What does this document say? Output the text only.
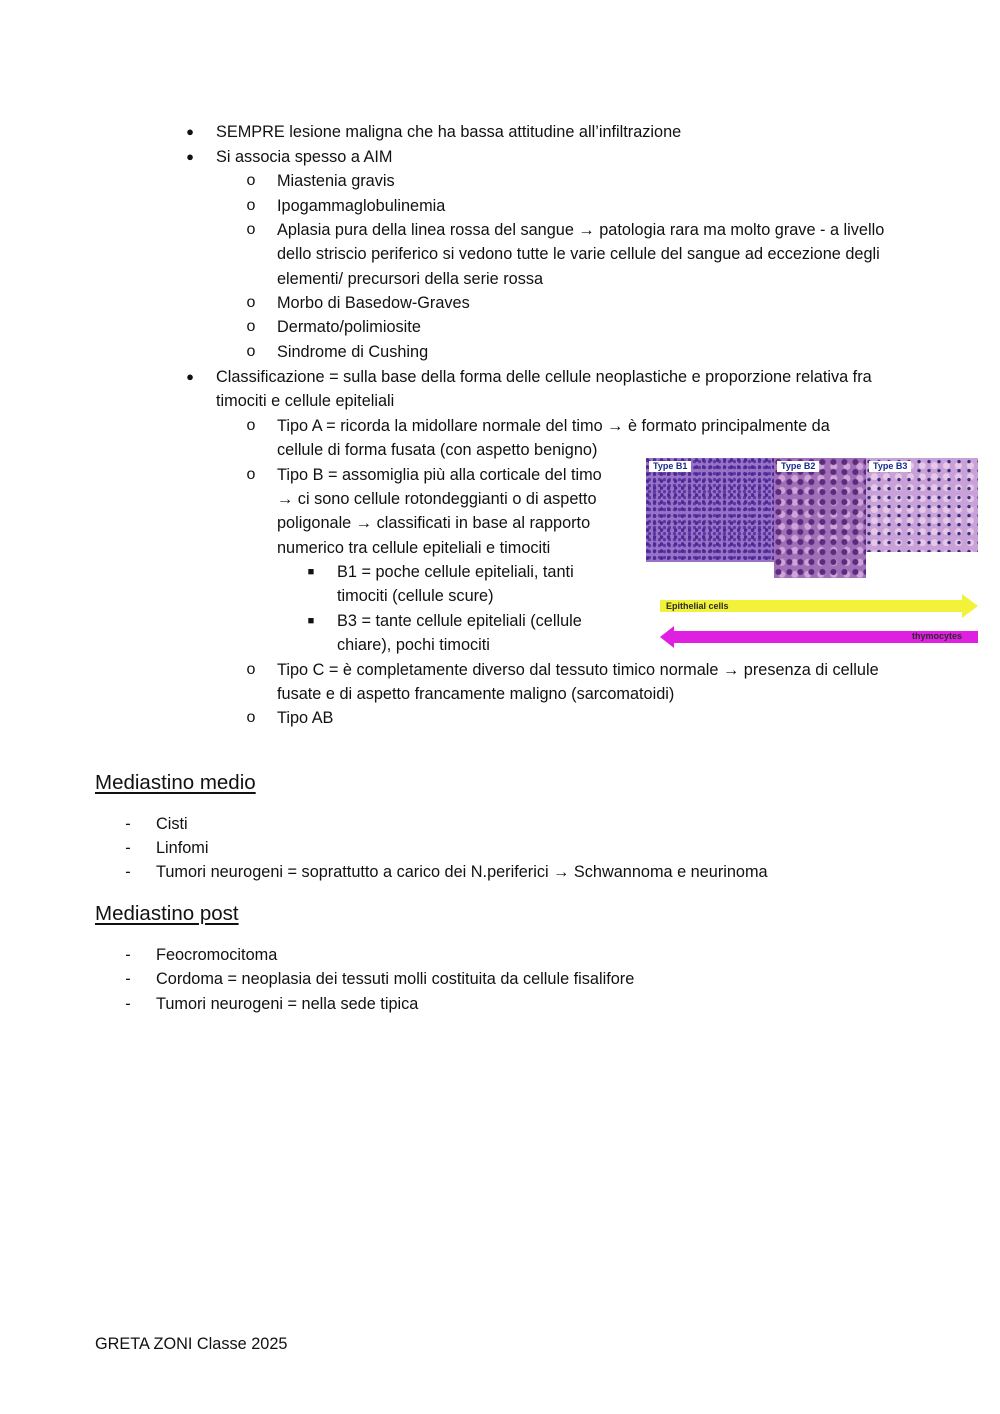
● SEMPRE lesione maligna che ha bassa attitudine all’infiltrazione
● Si associa spesso a AIM
o Miastenia gravis
o Ipogammaglobulinemia
o Aplasia pura della linea rossa del sangue → patologia rara ma molto grave - a livello
dello striscio periferico si vedono tutte le varie cellule del sangue ad eccezione degli
elementi/ precursori della serie rossa
o Morbo di Basedow-Graves
o Dermato/polimiosite
o Sindrome di Cushing
● Classificazione = sulla base della forma delle cellule neoplastiche e proporzione relativa fra
timociti e cellule epiteliali
o Tipo A = ricorda la midollare normale del timo → è formato principalmente da
cellule di forma fusata (con aspetto benigno)
o Tipo B = assomiglia più alla corticale del timo
→ ci sono cellule rotondeggianti o di aspetto
poligonale → classificati in base al rapporto
numerico tra cellule epiteliali e timociti
■ B1 = poche cellule epiteliali, tanti
timociti (cellule scure)
■ B3 = tante cellule epiteliali (cellule
chiare), pochi timociti
Type B1	Type B2	Type B3
Epithelial cells
thymocytes
o Tipo C = è completamente diverso dal tessuto timico normale → presenza di cellule
fusate e di aspetto francamente maligno (sarcomatoidi)
o Tipo AB
Mediastino medio
- Cisti
- Linfomi
- Tumori neurogeni = soprattutto a carico dei N.periferici → Schwannoma e neurinoma
Mediastino post
- Feocromocitoma
- Cordoma = neoplasia dei tessuti molli costituita da cellule fisalifore
- Tumori neurogeni = nella sede tipica
GRETA ZONI Classe 2025
